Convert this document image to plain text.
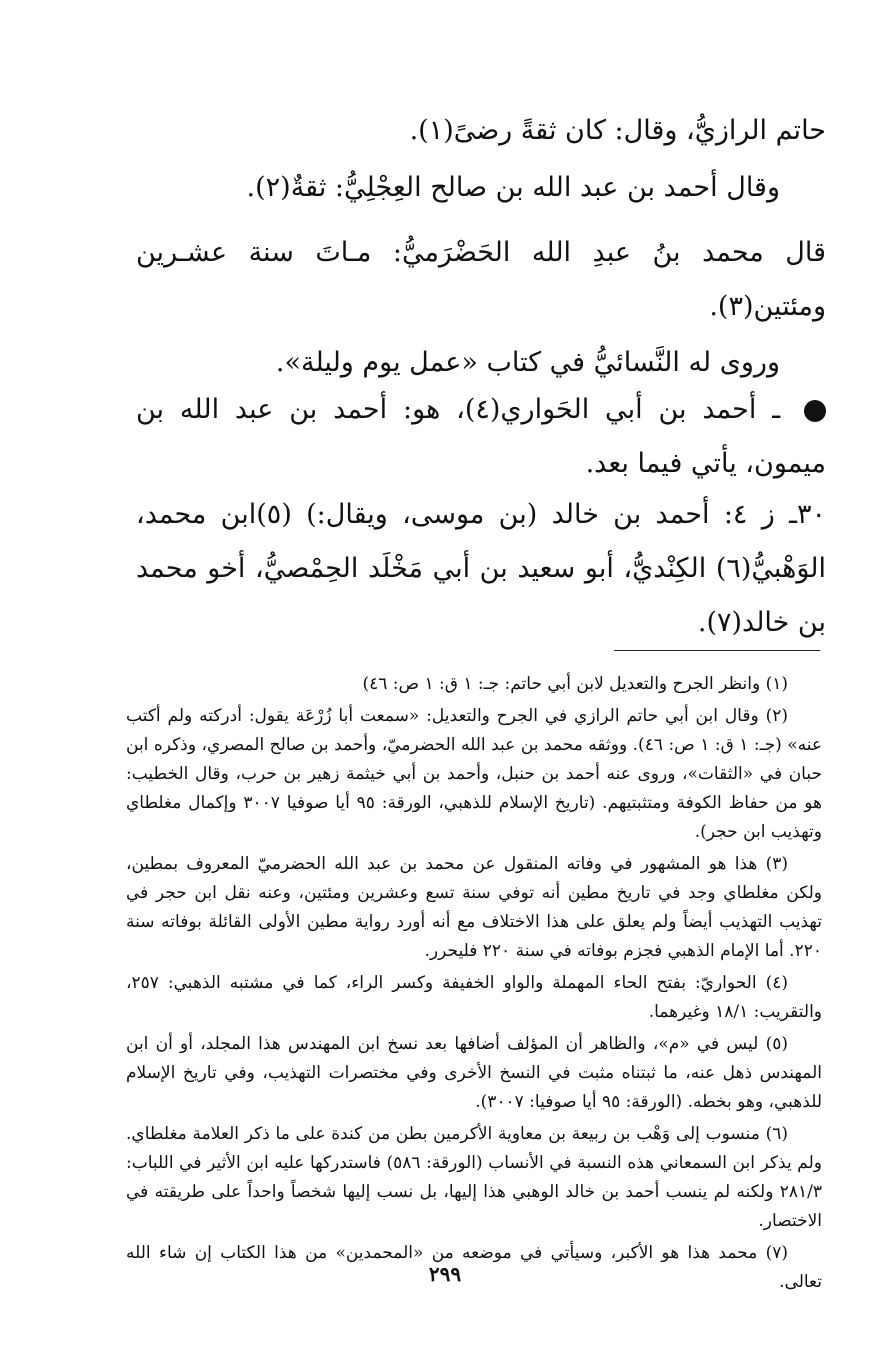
حاتم الرازيُّ، وقال: كان ثقةً رضىً(١).
وقال أحمد بن عبد الله بن صالح العِجْلِيُّ: ثقةٌ(٢).
قال محمد بنُ عبدِ الله الحَضْرَميُّ: مـاتَ سنة عشـرين ومئتين(٣).
وروى له النَّسائيُّ في كتاب «عمل يوم وليلة».
ـ أحمد بن أبي الحَواري(٤)، هو: أحمد بن عبد الله بن ميمون، يأتي فيما بعد.
٣٠ـ ز ٤: أحمد بن خالد (بن موسى، ويقال:) (٥)ابن محمد، الوَهْبيُّ(٦) الكِنْديُّ، أبو سعيد بن أبي مَخْلَد الحِمْصيُّ، أخو محمد بن خالد(٧).

(١) وانظر الجرح والتعديل لابن أبي حاتم: جـ: ١ ق: ١ ص: ٤٦)

(٢) وقال ابن أبي حاتم الرازي في الجرح والتعديل: «سمعت أبا زُرْعَة يقول: أدركته ولم أكتب عنه» (جـ: ١ ق: ١ ص: ٤٦). ووثقه محمد بن عبد الله الحضرميّ، وأحمد بن صالح المصري، وذكره ابن حبان في «الثقات»، وروى عنه أحمد بن حنبل، وأحمد بن أبي خيثمة زهير بن حرب، وقال الخطيب: هو من حفاظ الكوفة ومتثبتيهم. (تاريخ الإسلام للذهبي، الورقة: ٩٥ أيا صوفيا ٣٠٠٧ وإكمال مغلطاي وتهذيب ابن حجر).

(٣) هذا هو المشهور في وفاته المنقول عن محمد بن عبد الله الحضرميّ المعروف بمطين، ولكن مغلطاي وجد في تاريخ مطين أنه توفي سنة تسع وعشرين ومئتين، وعنه نقل ابن حجر في تهذيب التهذيب أيضاً ولم يعلق على هذا الاختلاف مع أنه أورد رواية مطين الأولى القائلة بوفاته سنة ٢٢٠. أما الإمام الذهبي فجزم بوفاته في سنة ٢٢٠ فليحرر.

(٤) الحواريّ: بفتح الحاء المهملة والواو الخفيفة وكسر الراء، كما في مشتبه الذهبي: ٢٥٧، والتقريب: ١٨/١ وغيرهما.

(٥) ليس في «م»، والظاهر أن المؤلف أضافها بعد نسخ ابن المهندس هذا المجلد، أو أن ابن المهندس ذهل عنه، ما ثبتناه مثبت في النسخ الأخرى وفي مختصرات التهذيب، وفي تاريخ الإسلام للذهبي، وهو بخطه. (الورقة: ٩٥ أيا صوفيا: ٣٠٠٧).

(٦) منسوب إلى وَهْب بن ربيعة بن معاوية الأكرمين بطن من كندة على ما ذكر العلامة مغلطاي. ولم يذكر ابن السمعاني هذه النسبة في الأنساب (الورقة: ٥٨٦) فاستدركها عليه ابن الأثير في اللباب: ٢٨١/٣ ولكنه لم ينسب أحمد بن خالد الوهبي هذا إليها، بل نسب إليها شخصاً واحداً على طريقته في الاختصار.

(٧) محمد هذا هو الأكبر، وسيأتي في موضعه من «المحمدين» من هذا الكتاب إن شاء الله تعالى.

٢٩٩
